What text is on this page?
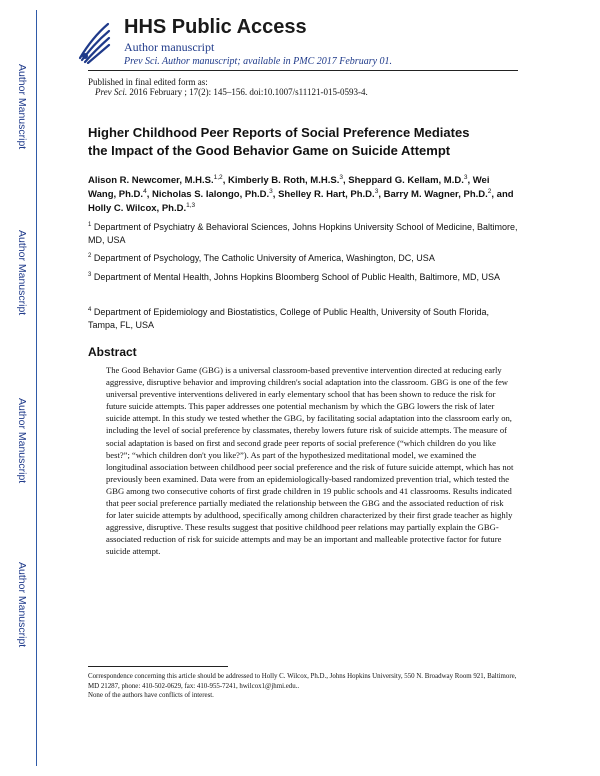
Author Manuscript
Author Manuscript
Author Manuscript
Author Manuscript
HHS Public Access
Author manuscript
Prev Sci. Author manuscript; available in PMC 2017 February 01.
Published in final edited form as:
Prev Sci. 2016 February ; 17(2): 145–156. doi:10.1007/s11121-015-0593-4.
Higher Childhood Peer Reports of Social Preference Mediates
the Impact of the Good Behavior Game on Suicide Attempt
Alison R. Newcomer, M.H.S.$^{1,2}$, Kimberly B. Roth, M.H.S.$^3$, Sheppard G. Kellam, M.D.$^3$, Wei Wang, Ph.D.$^4$, Nicholas S. Ialongo, Ph.D.$^3$, Shelley R. Hart, Ph.D.$^3$, Barry M. Wagner, Ph.D.$^2$, and Holly C. Wilcox, Ph.D.$^{1,3}$
$^1$ Department of Psychiatry & Behavioral Sciences, Johns Hopkins University School of Medicine, Baltimore, MD, USA
$^2$ Department of Psychology, The Catholic University of America, Washington, DC, USA
$^3$ Department of Mental Health, Johns Hopkins Bloomberg School of Public Health, Baltimore, MD, USA
$^4$ Department of Epidemiology and Biostatistics, College of Public Health, University of South Florida, Tampa, FL, USA
Abstract
The Good Behavior Game (GBG) is a universal classroom-based preventive intervention directed at reducing early aggressive, disruptive behavior and improving children's social adaptation into the classroom. GBG is one of the few universal preventive interventions delivered in early elementary school that has been shown to reduce the risk for future suicide attempts. This paper addresses one potential mechanism by which the GBG lowers the risk of later suicide attempt. In this study we tested whether the GBG, by facilitating social adaptation into the classroom early on, including the level of social preference by classmates, thereby lowers future risk of suicide attempts. The measure of social adaptation is based on first and second grade peer reports of social preference (“which children do you like best?”; “which children don't you like?”). As part of the hypothesized meditational model, we examined the longitudinal association between childhood peer social preference and the risk of future suicide attempt, which has not previously been examined. Data were from an epidemiologically-based randomized prevention trial, which tested the GBG among two consecutive cohorts of first grade children in 19 public schools and 41 classrooms. Results indicated that peer social preference partially mediated the relationship between the GBG and the associated reduction of risk for later suicide attempts by adulthood, specifically among children characterized by their first grade teacher as highly aggressive, disruptive. These results suggest that positive childhood peer relations may partially explain the GBG-associated reduction of risk for suicide attempts and may be an important and malleable protective factor for future suicide attempt.
Correspondence concerning this article should be addressed to Holly C. Wilcox, Ph.D., Johns Hopkins University, 550 N. Broadway Room 921, Baltimore, MD 21287, phone: 410-502-0629, fax: 410-955-7241, hwilcox1@jhmi.edu..
None of the authors have conflicts of interest.
